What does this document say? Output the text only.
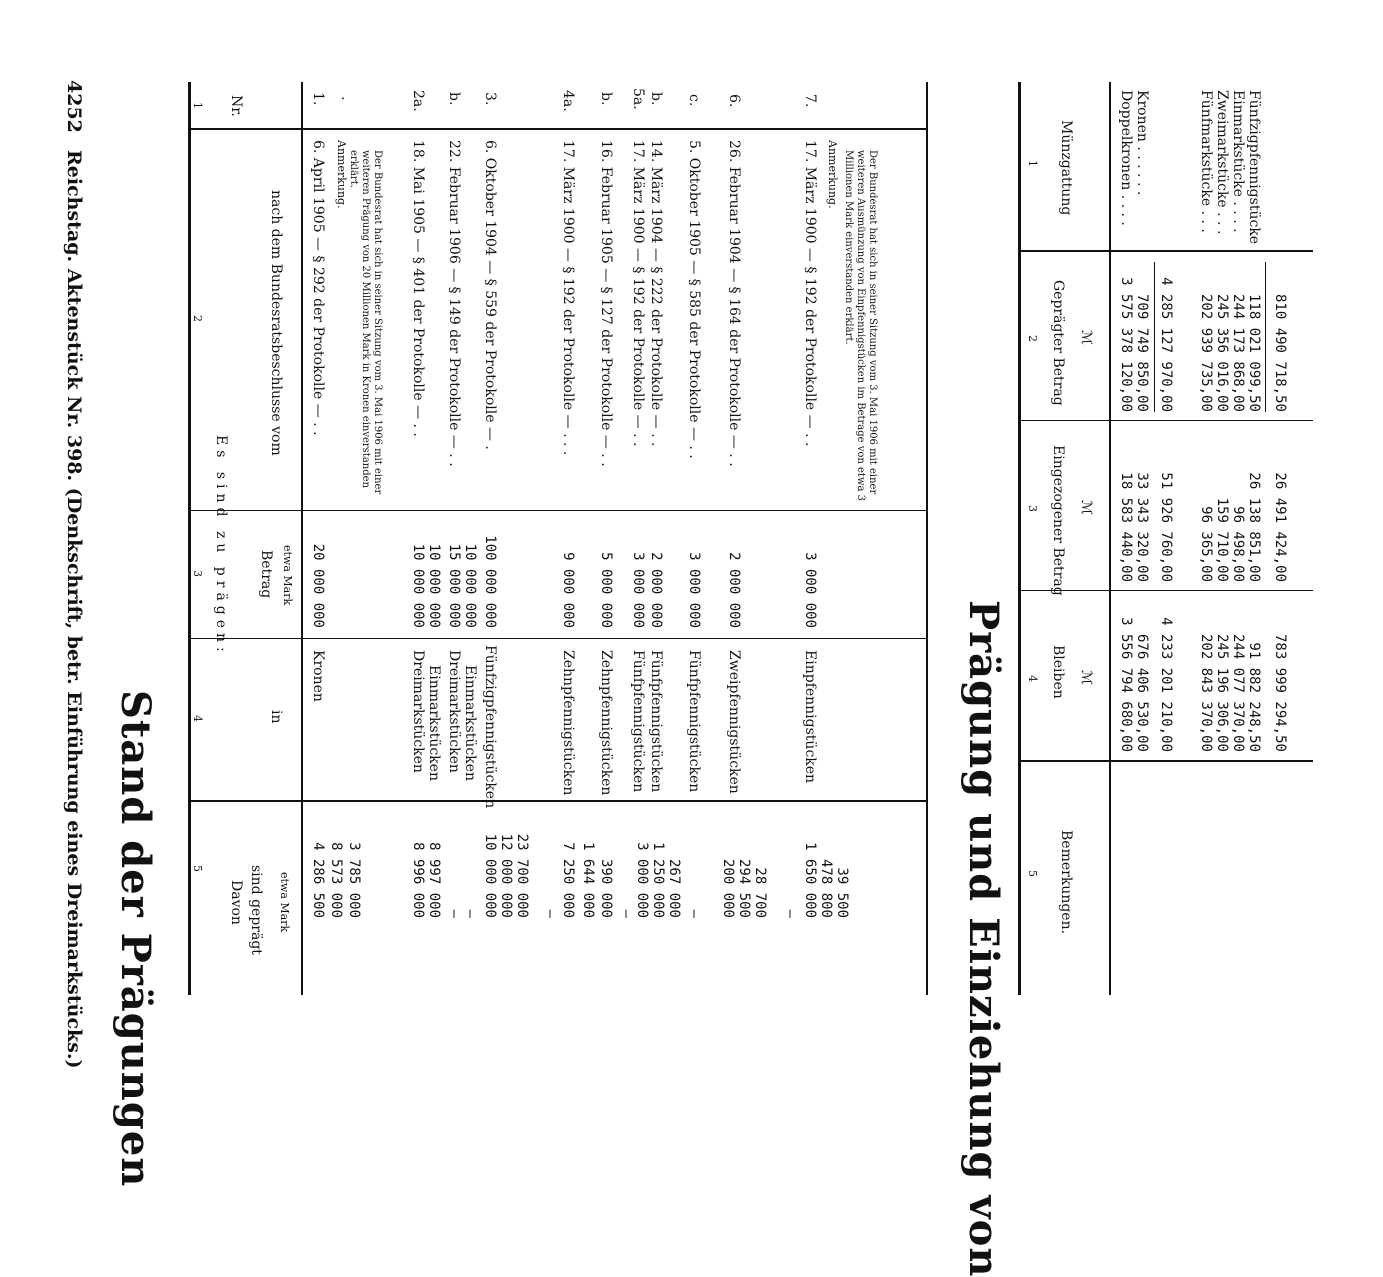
4252
Reichstag. Aktenstück Nr. 398. (Denkschrift, betr. Einführung eines Dreimarkstücks.) Stand der Prägungen
1
2
3
4
5
Nr.
Es sind zu prägen:
nach dem Bundesratsbeschlusse vom
Betrag etwa Mark
in
Davon sind geprägt etwa Mark
1.
6. April 1905 — § 292 der Protokolle — . .
20 000 000
Kronen
4 286 500 8 573 000 3 785 000
.
Anmerkung.	Der Bundesrat hat sich in seiner Sitzung vom 3. Mai 1906 mit einer weiteren Prägung von 20 Millionen Mark in Kronen einverstanden erklärt.
2a.
18. Mai 1905 — § 401 der Protokolle — . .
10 000 000
Dreimarkstücken
8 996 000
10 000 000
Einmarkstücken
8 997 000
b.
22. Februar 1906 — § 149 der Protokolle — . .
15 000 000
Dreimarkstücken
—
10 000 000
Einmarkstücken
—
3.
6. Oktober 1904 — § 559 der Protokolle — .
100 000 000
Fünfzigpfennigstücken
10 000 000 12 000 000 23 700 000
4a.
17. März 1900 — § 192 der Protokolle — . . .
9 000 000
Zehnpfennigstücken
— 7 250 000
b.
16. Februar 1905 — § 127 der Protokolle — . .
5 000 000
Zehnpfennigstücken
1 644 000 390 000
5a.
17. März 1900 — § 192 der Protokolle — . .
3 000 000
Fünfpfennigstücken
— 3 000 000
b.
14. März 1904 — § 222 der Protokolle — . .
2 000 000
Fünfpfennigstücken
1 250 000 267 000
c.
5. Oktober 1905 — § 585 der Protokolle — . .
3 000 000
Fünfpfennigstücken
—
6.
26. Februar 1904 — § 164 der Protokolle — . .
2 000 000
Zweipfennigstücken
200 000 294 500 28 700
7.
17. März 1900 — § 192 der Protokolle — . .
3 000 000
Einpfennigstücken
— 1 650 000 478 800 39 500
Anmerkung.	Der Bundesrat hat sich in seiner Sitzung vom 3. Mai 1906 mit einer weiteren Ausmünzung von Einpfennigstücken im Betrage von etwa 3 Millionen Mark einverstanden erklärt.
Prägung und Einziehung von
1
2
3
4
5
Münzgattung
Geprägter Betrag
Eingezogener Betrag
Bleiben
Bemerkungen.
ℳ
ℳ
ℳ
Doppelkronen . . . .
3 575 378 120,00
18 583 440,00
3 556 794 680,00
Kronen . . . . . .
709 749 850,00
33 343 320,00
676 406 530,00
4 285 127 970,00
51 926 760,00
4 233 201 210,00
Fünfmarkstücke . . .
202 939 735,00
96 365,00
202 843 370,00
Zweimarkstücke . . .
245 356 016,00
159 710,00
245 196 306,00
Einmarkstücke . . . .
244 173 868,00
96 498,00
244 077 370,00
Fünfzigpfennigstücke .
118 021 099,50
26 138 851,00
91 882 248,50
810 490 718,50
26 491 424,00
783 999 294,50
